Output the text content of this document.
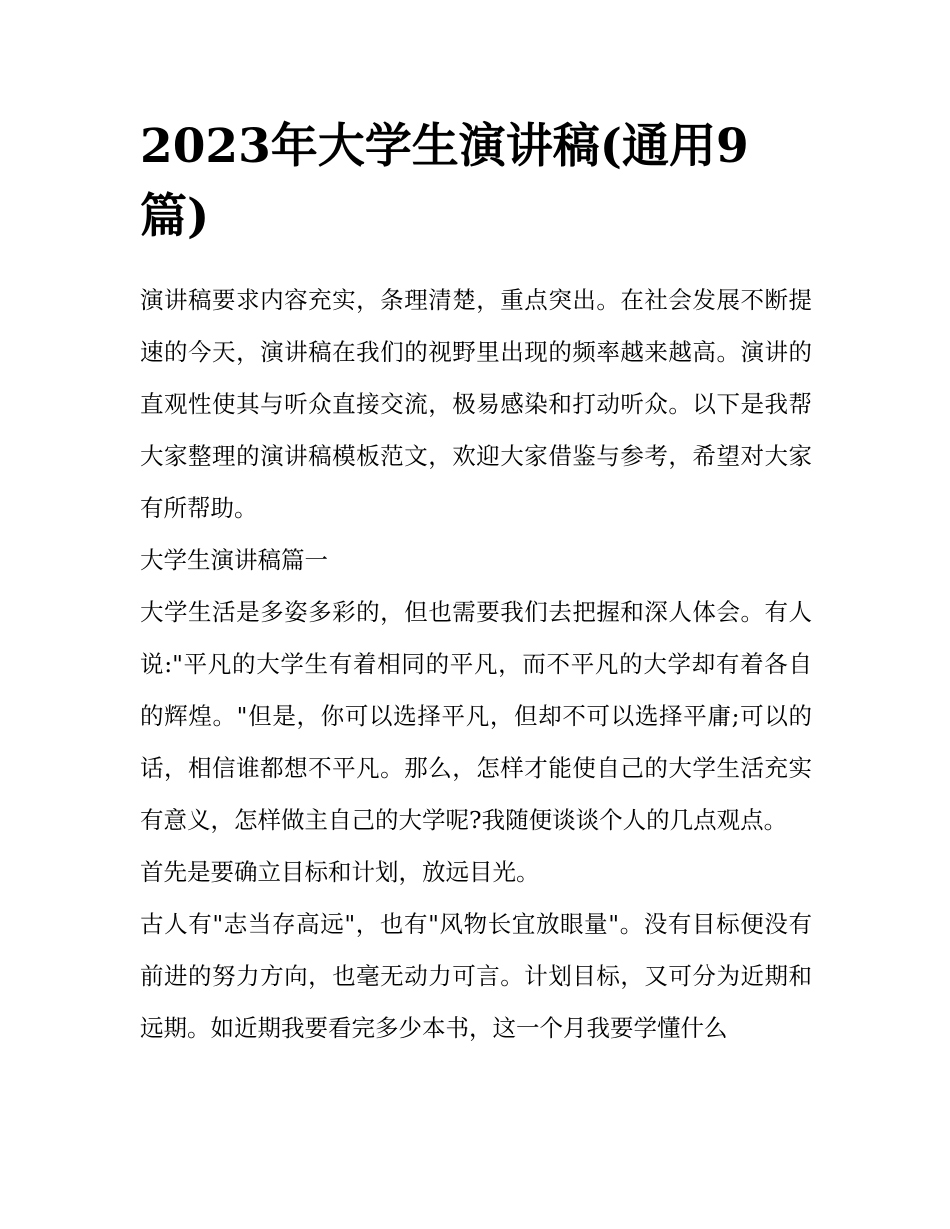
2023年大学生演讲稿(通用9篇)

演讲稿要求内容充实，条理清楚，重点突出。在社会发展不断提速的今天，演讲稿在我们的视野里出现的频率越来越高。演讲的直观性使其与听众直接交流，极易感染和打动听众。以下是我帮大家整理的演讲稿模板范文，欢迎大家借鉴与参考，希望对大家有所帮助。

大学生演讲稿篇一

大学生活是多姿多彩的，但也需要我们去把握和深人体会。有人说:"平凡的大学生有着相同的平凡，而不平凡的大学却有着各自的辉煌。"但是，你可以选择平凡，但却不可以选择平庸;可以的话，相信谁都想不平凡。那么，怎样才能使自己的大学生活充实有意义，怎样做主自己的大学呢?我随便谈谈个人的几点观点。

首先是要确立目标和计划，放远目光。

古人有"志当存高远"，也有"风物长宜放眼量"。没有目标便没有前进的努力方向，也毫无动力可言。计划目标，又可分为近期和远期。如近期我要看完多少本书，这一个月我要学懂什么
